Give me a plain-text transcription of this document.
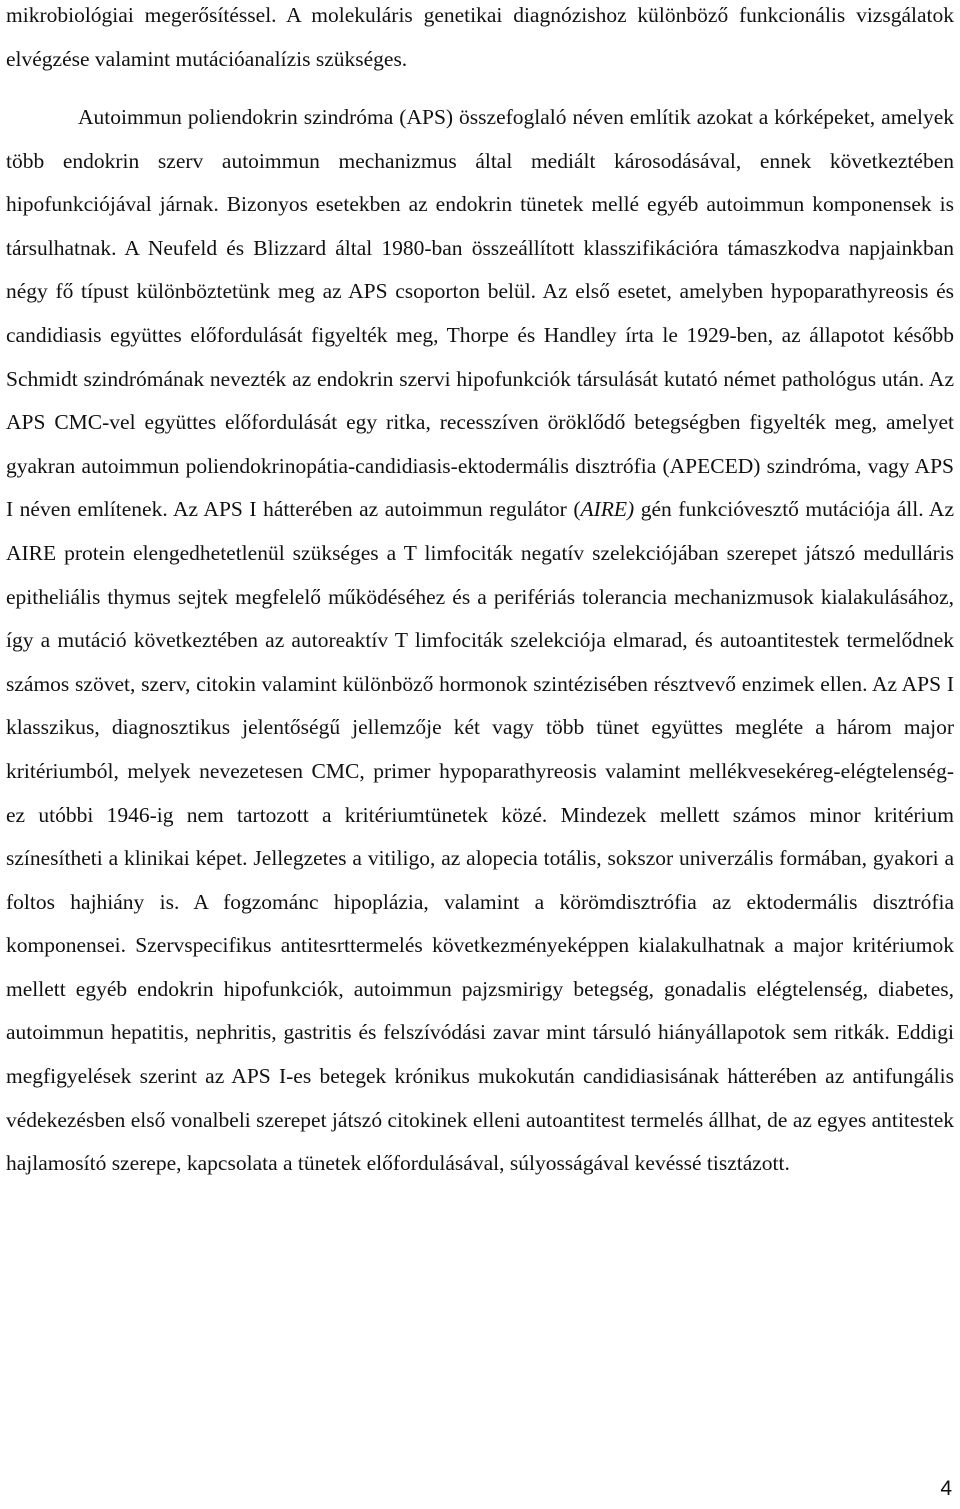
mikrobiológiai megerősítéssel. A molekuláris genetikai diagnózishoz különböző funkcionális vizsgálatok elvégzése valamint mutációanalízis szükséges.

Autoimmun poliendokrin szindróma (APS) összefoglaló néven említik azokat a kórképeket, amelyek több endokrin szerv autoimmun mechanizmus által mediált károsodásával, ennek következtében hipofunkciójával járnak. Bizonyos esetekben az endokrin tünetek mellé egyéb autoimmun komponensek is társulhatnak. A Neufeld és Blizzard által 1980-ban összeállított klasszifikációra támaszkodva napjainkban négy fő típust különböztetünk meg az APS csoporton belül. Az első esetet, amelyben hypoparathyreosis és candidiasis együttes előfordulását figyelték meg, Thorpe és Handley írta le 1929-ben, az állapotot később Schmidt szindrómának nevezték az endokrin szervi hipofunkciók társulását kutató német pathológus után. Az APS CMC-vel együttes előfordulását egy ritka, recesszíven öröklődő betegségben figyelték meg, amelyet gyakran autoimmun poliendokrinopátia-candidiasis-ektodermális disztrófia (APECED) szindróma, vagy APS I néven említenek. Az APS I hátterében az autoimmun regulátor (AIRE) gén funkcióvesztő mutációja áll. Az AIRE protein elengedhetetlenül szükséges a T limfociták negatív szelekciójában szerepet játszó medulláris epitheliális thymus sejtek megfelelő működéséhez és a perifériás tolerancia mechanizmusok kialakulásához, így a mutáció következtében az autoreaktív T limfociták szelekciója elmarad, és autoantitestek termelődnek számos szövet, szerv, citokin valamint különböző hormonok szintézisében résztvevő enzimek ellen. Az APS I klasszikus, diagnosztikus jelentőségű jellemzője két vagy több tünet együttes megléte a három major kritériumból, melyek nevezetesen CMC, primer hypoparathyreosis valamint mellékvesekéreg-elégtelenség- ez utóbbi 1946-ig nem tartozott a kritériumtünetek közé. Mindezek mellett számos minor kritérium színesítheti a klinikai képet. Jellegzetes a vitiligo, az alopecia totális, sokszor univerzális formában, gyakori a foltos hajhiány is. A fogzománc hipoplázia, valamint a körömdisztrófia az ektodermális disztrófia komponensei. Szervspecifikus antitesrttermelés következményeképpen kialakulhatnak a major kritériumok mellett egyéb endokrin hipofunkciók, autoimmun pajzsmirigy betegség, gonadalis elégtelenség, diabetes, autoimmun hepatitis, nephritis, gastritis és felszívódási zavar mint társuló hiányállapotok sem ritkák. Eddigi megfigyelések szerint az APS I-es betegek krónikus mukokután candidiasisának hátterében az antifungális védekezésben első vonalbeli szerepet játszó citokinek elleni autoantitest termelés állhat, de az egyes antitestek hajlamosító szerepe, kapcsolata a tünetek előfordulásával, súlyosságával kevéssé tisztázott.

4
